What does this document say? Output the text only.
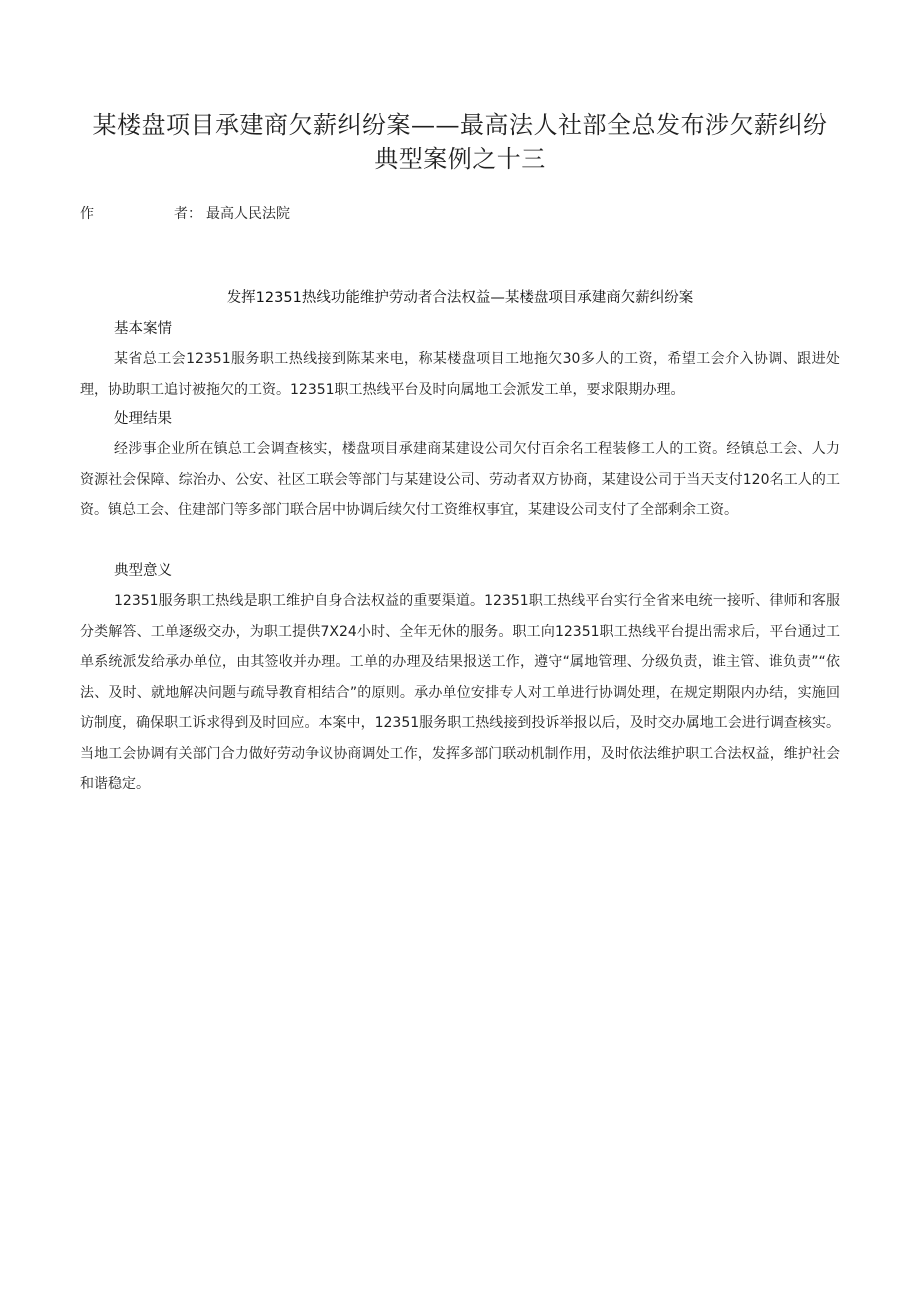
某楼盘项目承建商欠薪纠纷案——最高法人社部全总发布涉欠薪纠纷典型案例之十三
作	者： 最高人民法院
发挥12351热线功能维护劳动者合法权益—某楼盘项目承建商欠薪纠纷案
基本案情

某省总工会12351服务职工热线接到陈某来电，称某楼盘项目工地拖欠30多人的工资，希望工会介入协调、跟进处理，协助职工追讨被拖欠的工资。12351职工热线平台及时向属地工会派发工单，要求限期办理。

处理结果

经涉事企业所在镇总工会调查核实，楼盘项目承建商某建设公司欠付百余名工程装修工人的工资。经镇总工会、人力资源社会保障、综治办、公安、社区工联会等部门与某建设公司、劳动者双方协商，某建设公司于当天支付120名工人的工资。镇总工会、住建部门等多部门联合居中协调后续欠付工资维权事宜，某建设公司支付了全部剩余工资。

典型意义

12351服务职工热线是职工维护自身合法权益的重要渠道。12351职工热线平台实行全省来电统一接听、律师和客服分类解答、工单逐级交办，为职工提供7X24小时、全年无休的服务。职工向12351职工热线平台提出需求后，平台通过工单系统派发给承办单位，由其签收并办理。工单的办理及结果报送工作，遵守“属地管理、分级负责，谁主管、谁负责”“依法、及时、就地解决问题与疏导教育相结合”的原则。承办单位安排专人对工单进行协调处理，在规定期限内办结，实施回访制度，确保职工诉求得到及时回应。本案中，12351服务职工热线接到投诉举报以后，及时交办属地工会进行调查核实。当地工会协调有关部门合力做好劳动争议协商调处工作，发挥多部门联动机制作用，及时依法维护职工合法权益，维护社会和谐稳定。
